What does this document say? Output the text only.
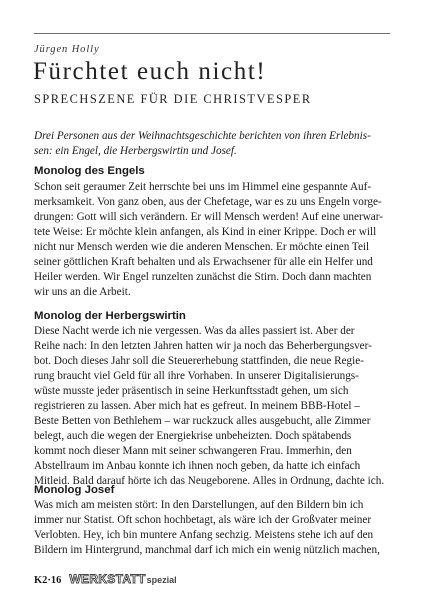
Jürgen Holly
Fürchtet euch nicht!
SPRECHSZENE FÜR DIE CHRISTVESPER

Drei Personen aus der Weihnachtsgeschichte berichten von ihren Erlebnis-
sen: ein Engel, die Herbergswirtin und Josef.

Monolog des Engels

Schon seit geraumer Zeit herrschte bei uns im Himmel eine gespannte Auf-
merksamkeit. Von ganz oben, aus der Chefetage, war es zu uns Engeln vorge-
drungen: Gott will sich verändern. Er will Mensch werden! Auf eine unerwar-
tete Weise: Er möchte klein anfangen, als Kind in einer Krippe. Doch er will
nicht nur Mensch werden wie die anderen Menschen. Er möchte einen Teil
seiner göttlichen Kraft behalten und als Erwachsener für alle ein Helfer und
Heiler werden. Wir Engel runzelten zunächst die Stirn. Doch dann machten
wir uns an die Arbeit.

Monolog der Herbergswirtin

Diese Nacht werde ich nie vergessen. Was da alles passiert ist. Aber der
Reihe nach: In den letzten Jahren hatten wir ja noch das Beherbergungsver-
bot. Doch dieses Jahr soll die Steuererhebung stattfinden, die neue Regie-
rung braucht viel Geld für all ihre Vorhaben. In unserer Digitalisierungs-
wüste musste jeder präsentisch in seine Herkunftsstadt gehen, um sich
registrieren zu lassen. Aber mich hat es gefreut. In meinem BBB-Hotel –
Beste Betten von Bethlehem – war ruckzuck alles ausgebucht, alle Zimmer
belegt, auch die wegen der Energiekrise unbeheizten. Doch spätabends
kommt noch dieser Mann mit seiner schwangeren Frau. Immerhin, den
Abstellraum im Anbau konnte ich ihnen noch geben, da hatte ich einfach
Mitleid. Bald darauf hörte ich das Neugeborene. Alles in Ordnung, dachte ich.

Monolog Josef

Was mich am meisten stört: In den Darstellungen, auf den Bildern bin ich
immer nur Statist. Oft schon hochbetagt, als wäre ich der Großvater meiner
Verlobten. Hey, ich bin muntere Anfang sechzig. Meistens stehe ich auf den
Bildern im Hintergrund, manchmal darf ich mich ein wenig nützlich machen,

K2·16 WERKSTATT spezial
